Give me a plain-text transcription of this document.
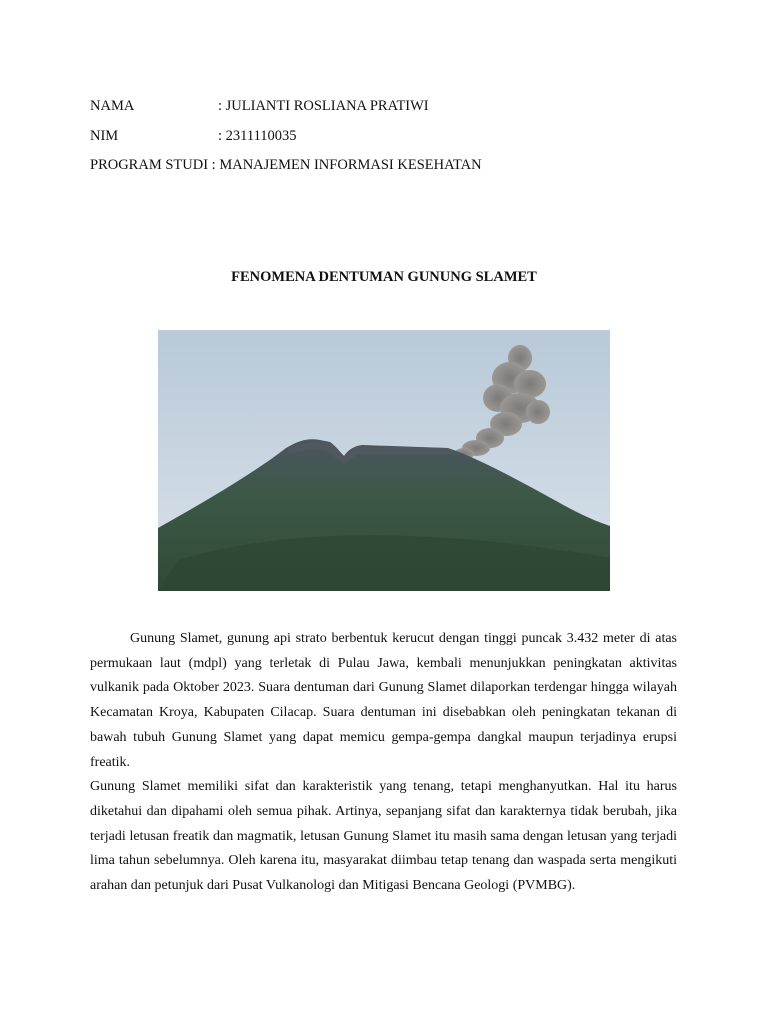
NAMA	: JULIANTI ROSLIANA PRATIWI
NIM	: 2311110035
PROGRAM STUDI : MANAJEMEN INFORMASI KESEHATAN
FENOMENA DENTUMAN GUNUNG SLAMET

Gunung Slamet, gunung api strato berbentuk kerucut dengan tinggi puncak 3.432 meter di atas permukaan laut (mdpl) yang terletak di Pulau Jawa, kembali menunjukkan peningkatan aktivitas vulkanik pada Oktober 2023. Suara dentuman dari Gunung Slamet dilaporkan terdengar hingga wilayah Kecamatan Kroya, Kabupaten Cilacap. Suara dentuman ini disebabkan oleh peningkatan tekanan di bawah tubuh Gunung Slamet yang dapat memicu gempa-gempa dangkal maupun terjadinya erupsi freatik.

Gunung Slamet memiliki sifat dan karakteristik yang tenang, tetapi menghanyutkan. Hal itu harus diketahui dan dipahami oleh semua pihak. Artinya, sepanjang sifat dan karakternya tidak berubah, jika terjadi letusan freatik dan magmatik, letusan Gunung Slamet itu masih sama dengan letusan yang terjadi lima tahun sebelumnya. Oleh karena itu, masyarakat diimbau tetap tenang dan waspada serta mengikuti arahan dan petunjuk dari Pusat Vulkanologi dan Mitigasi Bencana Geologi (PVMBG).
